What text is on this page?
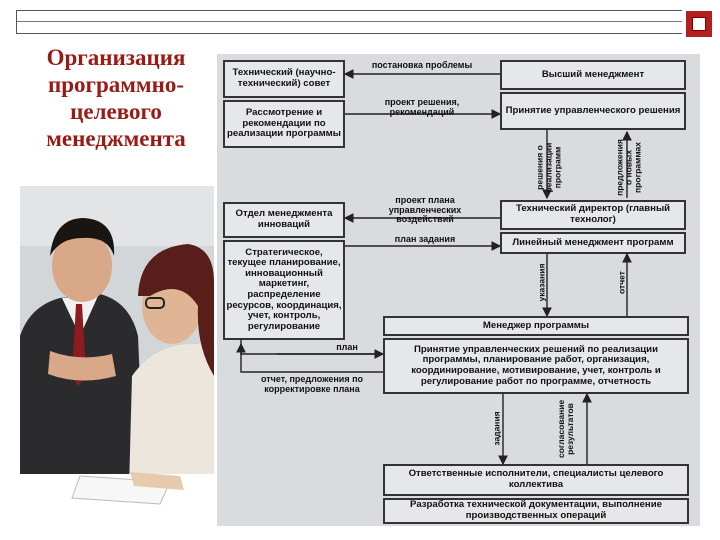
Организация
программно-
целевого
менеджмента
Технический (научно-технический) совет
Рассмотрение и рекомендации по реализации программы
Отдел менеджмента инноваций
Стратегическое, текущее планирование, инновационный маркетинг, распределение ресурсов, координация, учет, контроль, регулирование
Высший менеджмент
Принятие управленческого решения
Технический директор (главный технолог)
Линейный менеджмент программ
Менеджер программы
Принятие управленческих решений по реализации программы, планирование работ, организация, координирование, мотивирование, учет, контроль и регулирование работ по программе, отчетность
Ответственные исполнители, специалисты целевого коллектива
Разработка технической документации, выполнение производственных операций
постановка проблемы
проект решения, рекомендаций
проект плана управленческих воздействий
план задания
план
отчет, предложения по корректировке плана
решения о реализации программ	предложения о новых программах
указания	отчет
задания	согласование результатов
